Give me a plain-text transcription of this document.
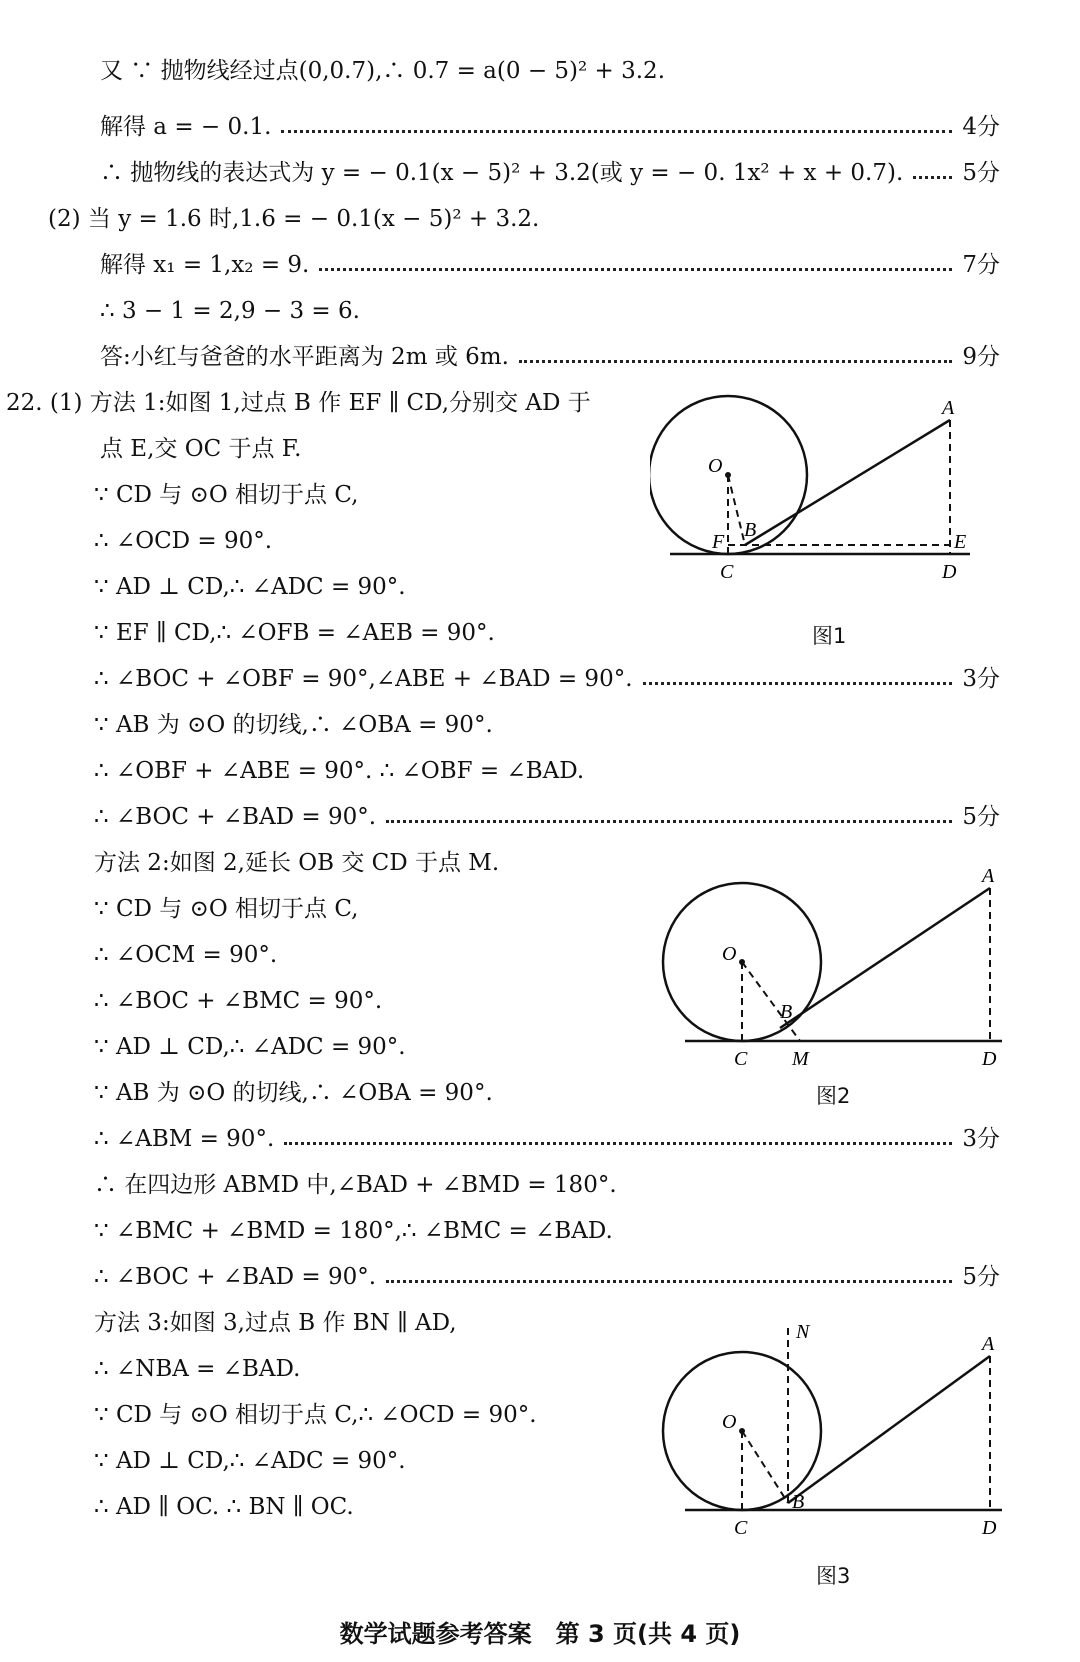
又 ∵ 抛物线经过点(0,0.7),∴ 0.7 = a(0 − 5)² + 3.2.
解得 a = − 0.1.	4分
∴ 抛物线的表达式为 y = − 0.1(x − 5)² + 3.2(或 y = − 0. 1x² + x + 0.7).	5分
(2) 当 y = 1.6 时,1.6 = − 0.1(x − 5)² + 3.2.
解得 x₁ = 1,x₂ = 9.	7分
∴ 3 − 1 = 2,9 − 3 = 6.
答:小红与爸爸的水平距离为 2m 或 6m.	9分
22. (1) 方法 1:如图 1,过点 B 作 EF ∥ CD,分别交 AD 于
点 E,交 OC 于点 F.
∵ CD 与 ⊙O 相切于点 C,
∴ ∠OCD = 90°.
∵ AD ⊥ CD,∴ ∠ADC = 90°.
∵ EF ∥ CD,∴ ∠OFB = ∠AEB = 90°.
∴ ∠BOC + ∠OBF = 90°,∠ABE + ∠BAD = 90°.	3分
∵ AB 为 ⊙O 的切线,∴ ∠OBA = 90°.
∴ ∠OBF + ∠ABE = 90°. ∴ ∠OBF = ∠BAD.
∴ ∠BOC + ∠BAD = 90°.	5分
方法 2:如图 2,延长 OB 交 CD 于点 M.
∵ CD 与 ⊙O 相切于点 C,
∴ ∠OCM = 90°.
∴ ∠BOC + ∠BMC = 90°.
∵ AD ⊥ CD,∴ ∠ADC = 90°.
∵ AB 为 ⊙O 的切线,∴ ∠OBA = 90°.
∴ ∠ABM = 90°.	3分
∴ 在四边形 ABMD 中,∠BAD + ∠BMD = 180°.
∵ ∠BMC + ∠BMD = 180°,∴ ∠BMC = ∠BAD.
∴ ∠BOC + ∠BAD = 90°.	5分
方法 3:如图 3,过点 B 作 BN ∥ AD,
∴ ∠NBA = ∠BAD.
∵ CD 与 ⊙O 相切于点 C,∴ ∠OCD = 90°.
∵ AD ⊥ CD,∴ ∠ADC = 90°.
∴ AD ∥ OC. ∴ BN ∥ OC.
A
O
B
F	E
C	D
图1
A
O
B
C M	D
图2
N
A
O
B
C	D
图3
数学试题参考答案　第 3 页(共 4 页)
